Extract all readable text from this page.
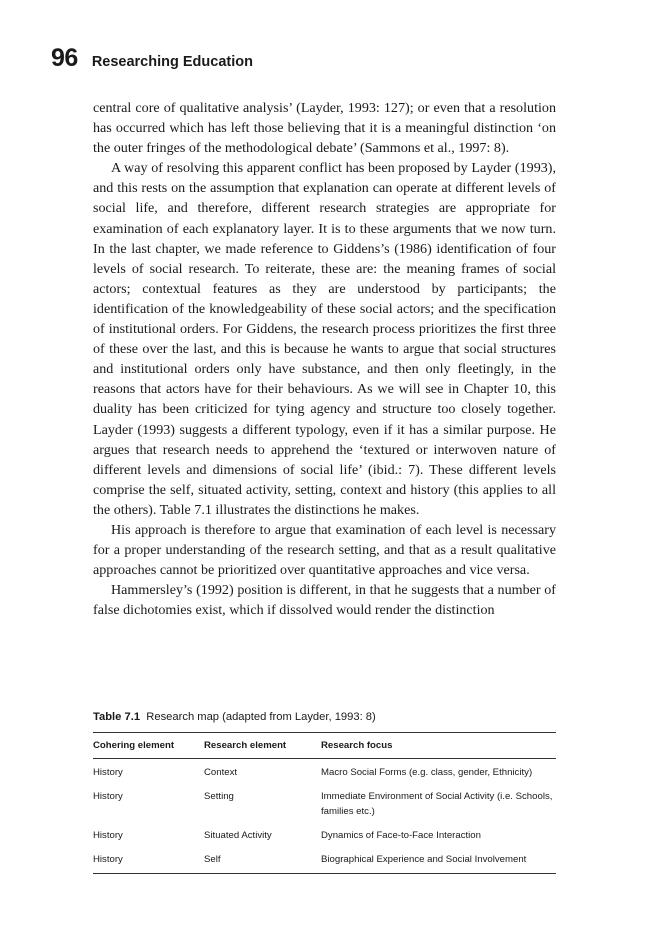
96 Researching Education

central core of qualitative analysis’ (Layder, 1993: 127); or even that a resolution has occurred which has left those believing that it is a meaningful distinction ‘on the outer fringes of the methodological debate’ (Sammons et al., 1997: 8).

A way of resolving this apparent conflict has been proposed by Layder (1993), and this rests on the assumption that explanation can operate at different levels of social life, and therefore, different research strategies are appropriate for examination of each explanatory layer. It is to these arguments that we now turn. In the last chapter, we made reference to Giddens’s (1986) identification of four levels of social research. To reiterate, these are: the meaning frames of social actors; contextual features as they are understood by participants; the identification of the knowledgeability of these social actors; and the specification of institutional orders. For Giddens, the research process prioritizes the first three of these over the last, and this is because he wants to argue that social structures and institutional orders only have substance, and then only fleetingly, in the reasons that actors have for their behaviours. As we will see in Chapter 10, this duality has been criticized for tying agency and structure too closely together. Layder (1993) suggests a different typology, even if it has a similar purpose. He argues that research needs to apprehend the ‘textured or interwoven nature of different levels and dimensions of social life’ (ibid.: 7). These different levels comprise the self, situated activity, setting, context and history (this applies to all the others). Table 7.1 illustrates the distinctions he makes.

His approach is therefore to argue that examination of each level is necessary for a proper understanding of the research setting, and that as a result qualitative approaches cannot be prioritized over quantitative approaches and vice versa.

Hammersley’s (1992) position is different, in that he suggests that a number of false dichotomies exist, which if dissolved would render the distinction

Table 7.1 Research map (adapted from Layder, 1993: 8)
Cohering element	Research element	Research focus
History	Context	Macro Social Forms (e.g. class, gender, Ethnicity)
History	Setting	Immediate Environment of Social Activity (i.e. Schools, families etc.)
History	Situated Activity	Dynamics of Face-to-Face Interaction
History	Self	Biographical Experience and Social Involvement
